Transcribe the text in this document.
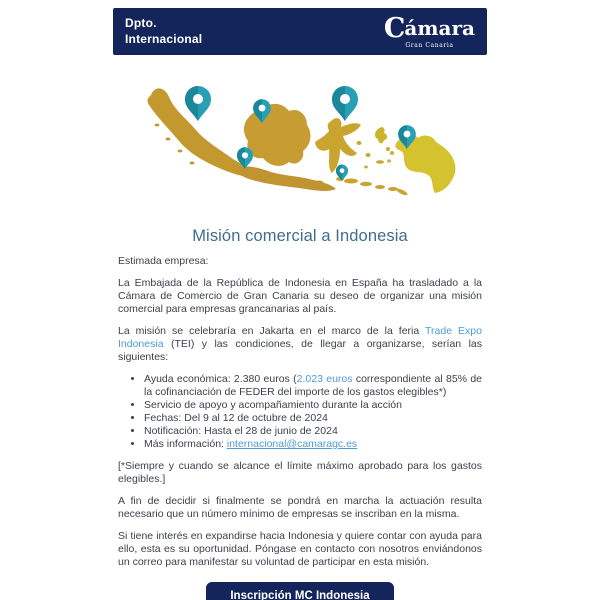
Dpto.
Internacional	Cámara
Gran Canaria
Misión comercial a Indonesia

Estimada empresa:

La Embajada de la República de Indonesia en España ha trasladado a la Cámara de Comercio de Gran Canaria su deseo de organizar una misión comercial para empresas grancanarias al país.

La misión se celebraría en Jakarta en el marco de la feria Trade Expo Indonesia (TEI) y las condiciones, de llegar a organizarse, serían las siguientes:

• Ayuda económica: 2.380 euros (2.023 euros correspondiente al 85% de la cofinanciación de FEDER del importe de los gastos elegibles*)
• Servicio de apoyo y acompañamiento durante la acción
• Fechas: Del 9 al 12 de octubre de 2024
• Notificación: Hasta el 28 de junio de 2024
• Más información: internacional@camaragc.es

[*Siempre y cuando se alcance el límite máximo aprobado para los gastos elegibles.]

A fin de decidir si finalmente se pondrá en marcha la actuación resulta necesario que un número mínimo de empresas se inscriban en la misma.

Si tiene interés en expandirse hacia Indonesia y quiere contar con ayuda para ello, esta es su oportunidad. Póngase en contacto con nosotros enviándonos un correo para manifestar su voluntad de participar en esta misión.

Inscripción MC Indonesia
